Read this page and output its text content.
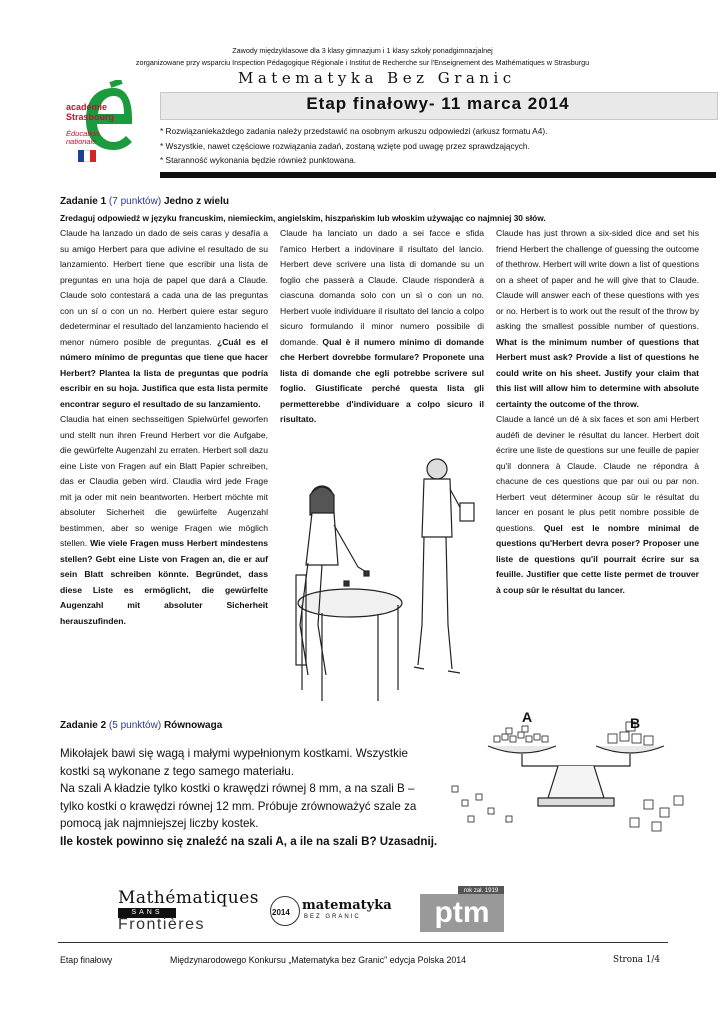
Zawody międzyklasowe dla 3 klasy gimnazjum i 1 klasy szkoły ponadgimnazjalnej
zorganizowane przy wsparciu Inspection Pédagogique Régionale i Institut de Recherche sur l'Enseignement des Mathématiques w Strasburgu
Matematyka Bez Granic
académie
Strasbourg
Éducation
nationale
Etap finałowy- 11 marca 2014
* Rozwiązaniekażdego zadania należy przedstawić na osobnym arkuszu odpowiedzi (arkusz formatu A4).
* Wszystkie, nawet częściowe rozwiązania zadań, zostaną wzięte pod uwagę przez sprawdzających.
* Staranność wykonania będzie również punktowana.
Zadanie 1 (7 punktów) Jedno z wielu
Zredaguj odpowiedź w języku francuskim, niemieckim, angielskim, hiszpańskim lub włoskim używając co najmniej 30 słów.

Claude ha lanzado un dado de seis caras y desafía a su amigo Herbert para que adivine el resultado de su lanzamiento. Herbert tiene que escribir una lista de preguntas en una hoja de papel que dará a Claude. Claude solo contestará a cada una de las preguntas con un sí o con un no. Herbert quiere estar seguro dedeterminar el resultado del lanzamiento haciendo el menor número posible de preguntas. ¿Cuál es el número mínimo de preguntas que tiene que hacer Herbert? Plantea la lista de preguntas que podría escribir en su hoja. Justifica que esta lista permite encontrar seguro el resultado de su lanzamiento.

Claudia hat einen sechsseitigen Spielwürfel geworfen und stellt nun ihren Freund Herbert vor die Aufgabe, die gewürfelte Augenzahl zu erraten. Herbert soll dazu eine Liste von Fragen auf ein Blatt Papier schreiben, das er Claudia geben wird. Claudia wird jede Frage mit ja oder mit nein beantworten. Herbert möchte mit absoluter Sicherheit die gewürfelte Augenzahl bestimmen, aber so wenige Fragen wie möglich stellen. Wie viele Fragen muss Herbert mindestens stellen? Gebt eine Liste von Fragen an, die er auf sein Blatt schreiben könnte. Begründet, dass diese Liste es ermöglicht, die gewürfelte Augenzahl mit absoluter Sicherheit herauszufinden.

Claude ha lanciato un dado a sei facce e sfida l'amico Herbert a indovinare il risultato del lancio. Herbert deve scrivere una lista di domande su un foglio che passerà a Claude. Claude risponderà a ciascuna domanda solo con un sì o con un no. Herbert vuole individuare il risultato del lancio a colpo sicuro formulando il minor numero possibile di domande. Qual è il numero minimo di domande che Herbert dovrebbe formulare? Proponete una lista di domande che egli potrebbe scrivere sul foglio. Giustificate perché questa lista gli permetterebbe d'individuare a colpo sicuro il risultato.

Claude has just thrown a six-sided dice and set his friend Herbert the challenge of guessing the outcome of thethrow. Herbert will write down a list of questions on a sheet of paper and he will give that to Claude. Claude will answer each of these questions with yes or no. Herbert is to work out the result of the throw by asking the smallest possible number of questions. What is the minimum number of questions that Herbert must ask? Provide a list of questions he could write on his sheet. Justify your claim that this list will allow him to determine with absolute certainty the outcome of the throw.

Claude a lancé un dé à six faces et son ami Herbert audéfi de deviner le résultat du lancer. Herbert doit écrire une liste de questions sur une feuille de papier qu'il donnera à Claude. Claude ne répondra à chacune de ces questions que par oui ou par non. Herbert veut déterminer àcoup sûr le résultat du lancer en posant le plus petit nombre possible de questions. Quel est le nombre minimal de questions qu'Herbert devra poser? Proposer une liste de questions qu'il pourrait écrire sur sa feuille. Justifier que cette liste permet de trouver à coup sûr le résultat du lancer.

Zadanie 2 (5 punktów) Równowaga

Mikołajek bawi się wagą i małymi wypełnionym kostkami. Wszystkie kostki są wykonane z tego samego materiału.

Na szali A kładzie tylko kostki o krawędzi równej 8 mm, a na szali B – tylko kostki o krawędzi równej 12 mm. Próbuje zrównoważyć szale za pomocą jak najmniejszej liczby kostek.

Ile kostek powinno się znaleźć na szali A, a ile na szali B? Uzasadnij.

A	B
Mathématiques
SANS
Frontières
2014 matematyka
BEZ GRANIC
rok zał. 1919
ptm
Etap finałowy	Międzynarodowego Konkursu „Matematyka bez Granic" edycja Polska 2014	Strona 1/4
